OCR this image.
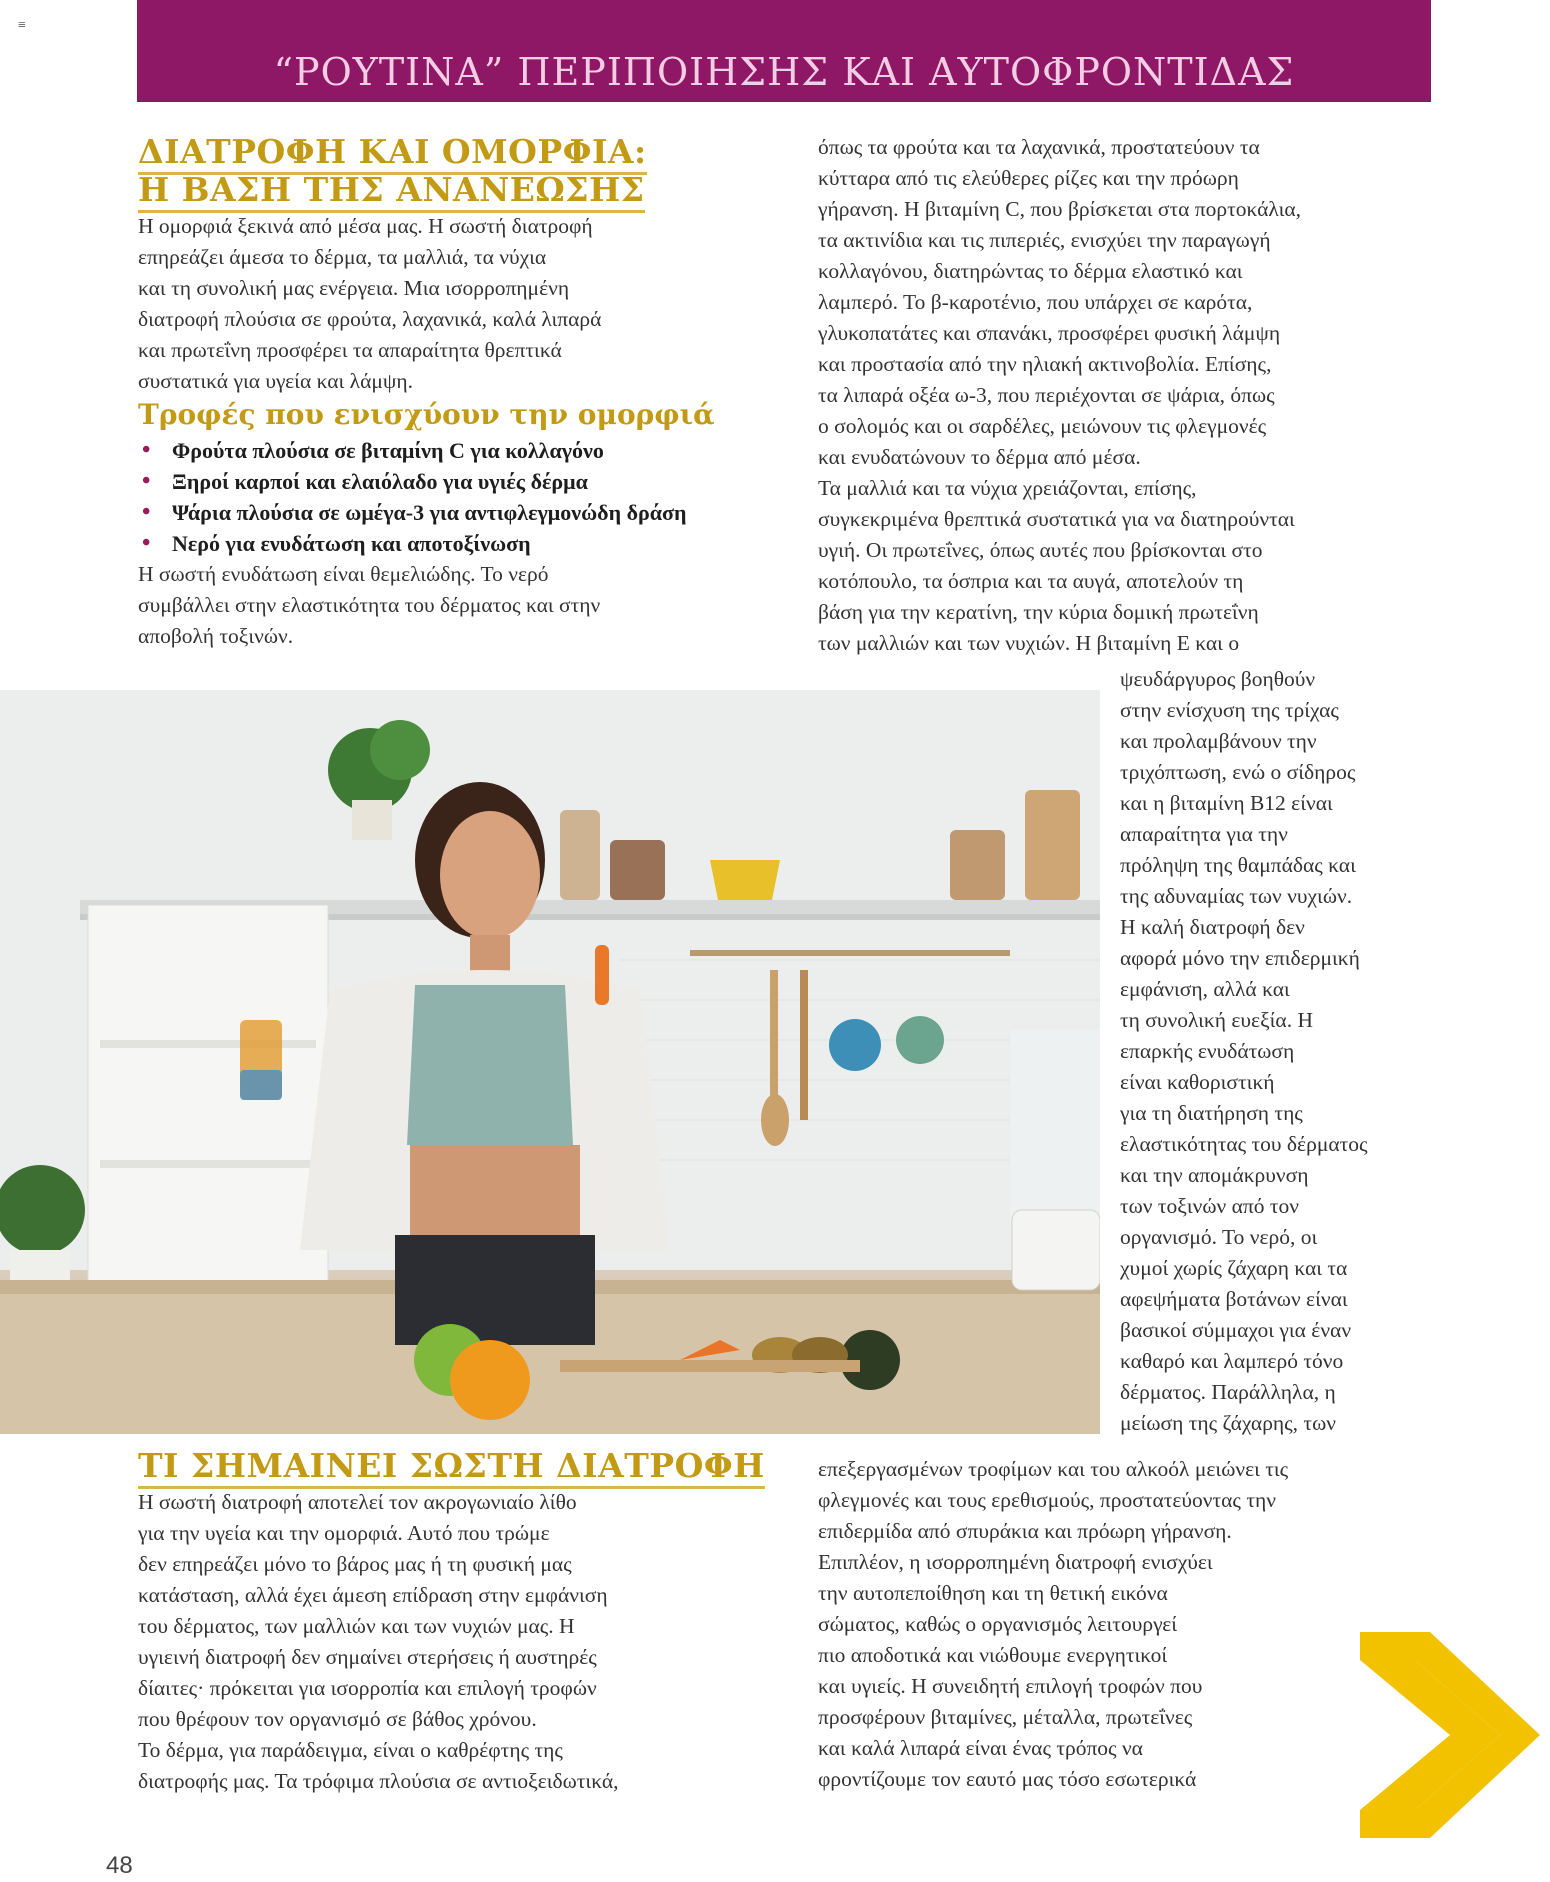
≡
“ΡΟΥΤΙΝΑ” ΠΕΡΙΠΟΙΗΣΗΣ ΚΑΙ ΑΥΤΟΦΡΟΝΤΙΔΑΣ
ΔΙΑΤΡΟΦΗ ΚΑΙ ΟΜΟΡΦΙΑ:
Η ΒΑΣΗ ΤΗΣ ΑΝΑΝΕΩΣΗΣ

Η ομορφιά ξεκινά από μέσα μας. Η σωστή διατροφή

επηρεάζει άμεσα το δέρμα, τα μαλλιά, τα νύχια

και τη συνολική μας ενέργεια. Μια ισορροπημένη

διατροφή πλούσια σε φρούτα, λαχανικά, καλά λιπαρά

και πρωτεΐνη προσφέρει τα απαραίτητα θρεπτικά

συστατικά για υγεία και λάμψη.

Τροφές που ενισχύουν την ομορφιά
• Φρούτα πλούσια σε βιταμίνη C για κολλαγόνο
• Ξηροί καρποί και ελαιόλαδο για υγιές δέρμα
• Ψάρια πλούσια σε ωμέγα-3 για αντιφλεγμονώδη δράση
• Νερό για ενυδάτωση και αποτοξίνωση

Η σωστή ενυδάτωση είναι θεμελιώδης. Το νερό

συμβάλλει στην ελαστικότητα του δέρματος και στην

αποβολή τοξινών.

όπως τα φρούτα και τα λαχανικά, προστατεύουν τα

κύτταρα από τις ελεύθερες ρίζες και την πρόωρη

γήρανση. Η βιταμίνη C, που βρίσκεται στα πορτοκάλια,

τα ακτινίδια και τις πιπεριές, ενισχύει την παραγωγή

κολλαγόνου, διατηρώντας το δέρμα ελαστικό και

λαμπερό. Το β-καροτένιο, που υπάρχει σε καρότα,

γλυκοπατάτες και σπανάκι, προσφέρει φυσική λάμψη

και προστασία από την ηλιακή ακτινοβολία. Επίσης,

τα λιπαρά οξέα ω-3, που περιέχονται σε ψάρια, όπως

ο σολομός και οι σαρδέλες, μειώνουν τις φλεγμονές

και ενυδατώνουν το δέρμα από μέσα.

Τα μαλλιά και τα νύχια χρειάζονται, επίσης,

συγκεκριμένα θρεπτικά συστατικά για να διατηρούνται

υγιή. Οι πρωτεΐνες, όπως αυτές που βρίσκονται στο

κοτόπουλο, τα όσπρια και τα αυγά, αποτελούν τη

βάση για την κερατίνη, την κύρια δομική πρωτεΐνη

των μαλλιών και των νυχιών. Η βιταμίνη Ε και ο

ψευδάργυρος βοηθούν

στην ενίσχυση της τρίχας

και προλαμβάνουν την

τριχόπτωση, ενώ ο σίδηρος

και η βιταμίνη Β12 είναι

απαραίτητα για την

πρόληψη της θαμπάδας και

της αδυναμίας των νυχιών.

Η καλή διατροφή δεν

αφορά μόνο την επιδερμική

εμφάνιση, αλλά και

τη συνολική ευεξία. Η

επαρκής ενυδάτωση

είναι καθοριστική

για τη διατήρηση της

ελαστικότητας του δέρματος

και την απομάκρυνση

των τοξινών από τον

οργανισμό. Το νερό, οι

χυμοί χωρίς ζάχαρη και τα

αφεψήματα βοτάνων είναι

βασικοί σύμμαχοι για έναν

καθαρό και λαμπερό τόνο

δέρματος. Παράλληλα, η

μείωση της ζάχαρης, των

ΤΙ ΣΗΜΑΙΝΕΙ ΣΩΣΤΗ ΔΙΑΤΡΟΦΗ

Η σωστή διατροφή αποτελεί τον ακρογωνιαίο λίθο

για την υγεία και την ομορφιά. Αυτό που τρώμε

δεν επηρεάζει μόνο το βάρος μας ή τη φυσική μας

κατάσταση, αλλά έχει άμεση επίδραση στην εμφάνιση

του δέρματος, των μαλλιών και των νυχιών μας. Η

υγιεινή διατροφή δεν σημαίνει στερήσεις ή αυστηρές

δίαιτες· πρόκειται για ισορροπία και επιλογή τροφών

που θρέφουν τον οργανισμό σε βάθος χρόνου.

Το δέρμα, για παράδειγμα, είναι ο καθρέφτης της

διατροφής μας. Τα τρόφιμα πλούσια σε αντιοξειδωτικά,

επεξεργασμένων τροφίμων και του αλκοόλ μειώνει τις

φλεγμονές και τους ερεθισμούς, προστατεύοντας την

επιδερμίδα από σπυράκια και πρόωρη γήρανση.

Επιπλέον, η ισορροπημένη διατροφή ενισχύει

την αυτοπεποίθηση και τη θετική εικόνα

σώματος, καθώς ο οργανισμός λειτουργεί

πιο αποδοτικά και νιώθουμε ενεργητικοί

και υγιείς. Η συνειδητή επιλογή τροφών που

προσφέρουν βιταμίνες, μέταλλα, πρωτεΐνες

και καλά λιπαρά είναι ένας τρόπος να

φροντίζουμε τον εαυτό μας τόσο εσωτερικά

48
